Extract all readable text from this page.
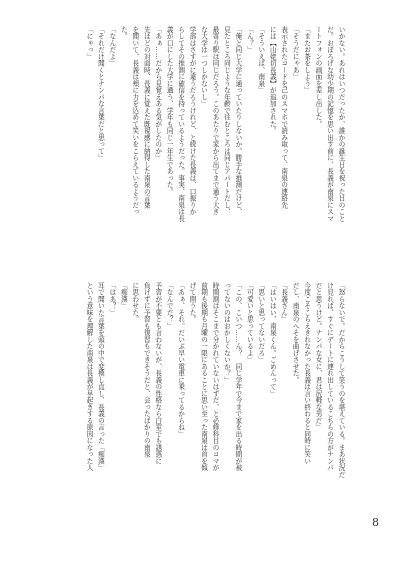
いかない。あれはいつだったか、誰かの誕生日を祝った日のこと
だ。おぼろげな幼少期の記憶を思い出す前に、長義が南泉にスマ
ートフォンの画面を差し出した。
「またお茶をしよう」
「そうだにゃあ」
表示されたコードを己のスマホで読み取って、南泉の連絡先
には【山姥切長義】が追加された。
「そういえば、南泉」
「ん？」
「俺と同じ大学に通っていたりしないか。勝手な推測だけど、
見たところ同じような年齢で住むところは同じアパートだし、
最寄り駅は同じだろう。このあたりで家から出てまで通う大き
な大学は一つしかないし」
学部はさすがに違うだろうけれど、と続けた長義は、口振りか
らしてその推測に確信を持っているようだった。事実、南泉は長
義が口にした大学に通う、学年も同じ一年生であった。
「あぁ……だから見覚えある気がしたのか」
先ほどの対面時、長義に覚えた既視感に納得した南泉の言葉
を聞いて、長義は頬に力を込めて笑いをこらえているようだっ
た。
「なんだよ」
「それだけ聞くとナンパな言葉だと思って」
「にゃっ」
「怒らないで。だからこうして笑うのを堪えている。まあ状況だ
け見れば、すぐにデートに連れ出しているこちらの方がナンパ
だと思うけど。ナンパな女に、君は尻軽な男だ」
今度こそこらえきれなかった長義は言い終わると同時に笑い
だし、南泉のへそを曲げさせた。
「長義さん」
「はいはい、南泉くん。ごめんって」
「思いと思ってないだろ」
「可愛いと思っているよ」
「この、こいつ……ん？　同じ学年で今まで家を出る時間が被
ってないのはおかしくないか？」
時間割はそこまで分かれていないはずだ、と必修科目のコマが
前期も後期も月曜の一限にあることに思い至った南泉は首を傾
げて問うた。
「あぁ、それ。だいぶ早い電車に乗ってるからね」
「なんでだ？」
予習が不要とも言わないが、長義の性格なら白室でも誘惑に
負けずに予習も復習もできそうだと、会ったばかりの南泉
に思わせた。
「痴漢」
「はあ？」
耳で聞いた言葉を頭の中で変換し直し、長義の言った「痴漢」
という意味を理解した南泉は長義が早起きする原因になった人
8
